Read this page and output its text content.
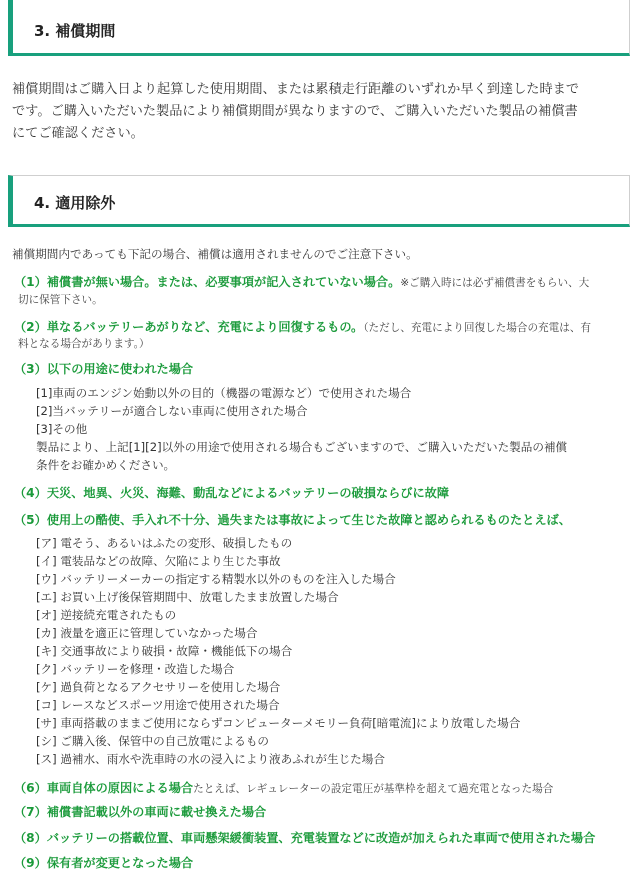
3. 補償期間
補償期間はご購入日より起算した使用期間、または累積走行距離のいずれか早く到達した時まで
です。ご購入いただいた製品により補償期間が異なりますので、ご購入いただいた製品の補償書
にてご確認ください。
4. 適用除外
補償期間内であっても下記の場合、補償は適用されませんのでご注意下さい。
（1）補償書が無い場合。または、必要事項が記入されていない場合。※ご購入時には必ず補償書をもらい、大
切に保管下さい。
（2）単なるバッテリーあがりなど、充電により回復するもの。（ただし、充電により回復した場合の充電は、有
料となる場合があります。）
（3）以下の用途に使われた場合
[1]車両のエンジン始動以外の目的（機器の電源など）で使用された場合
[2]当バッテリーが適合しない車両に使用された場合
[3]その他
製品により、上記[1][2]以外の用途で使用される場合もございますので、ご購入いただいた製品の補償
条件をお確かめください。
（4）天災、地異、火災、海難、動乱などによるバッテリーの破損ならびに故障
（5）使用上の酷使、手入れ不十分、過失または事故によって生じた故障と認められるものたとえば、
[ア] 電そう、あるいはふたの変形、破損したもの
[イ] 電装品などの故障、欠陥により生じた事故
[ウ] バッテリーメーカーの指定する精製水以外のものを注入した場合
[エ] お買い上げ後保管期間中、放電したまま放置した場合
[オ] 逆接続充電されたもの
[カ] 液量を適正に管理していなかった場合
[キ] 交通事故により破損・故障・機能低下の場合
[ク] バッテリーを修理・改造した場合
[ケ] 過負荷となるアクセサリーを使用した場合
[コ] レースなどスポーツ用途で使用された場合
[サ] 車両搭載のままご使用にならずコンピューターメモリー負荷[暗電流]により放電した場合
[シ] ご購入後、保管中の自己放電によるもの
[ス] 過補水、雨水や洗車時の水の浸入により液あふれが生じた場合
（6）車両自体の原因による場合たとえば、レギュレーターの設定電圧が基準枠を超えて過充電となった場合
（7）補償書記載以外の車両に載せ換えた場合
（8）バッテリーの搭載位置、車両懸架緩衝装置、充電装置などに改造が加えられた車両で使用された場合
（9）保有者が変更となった場合
